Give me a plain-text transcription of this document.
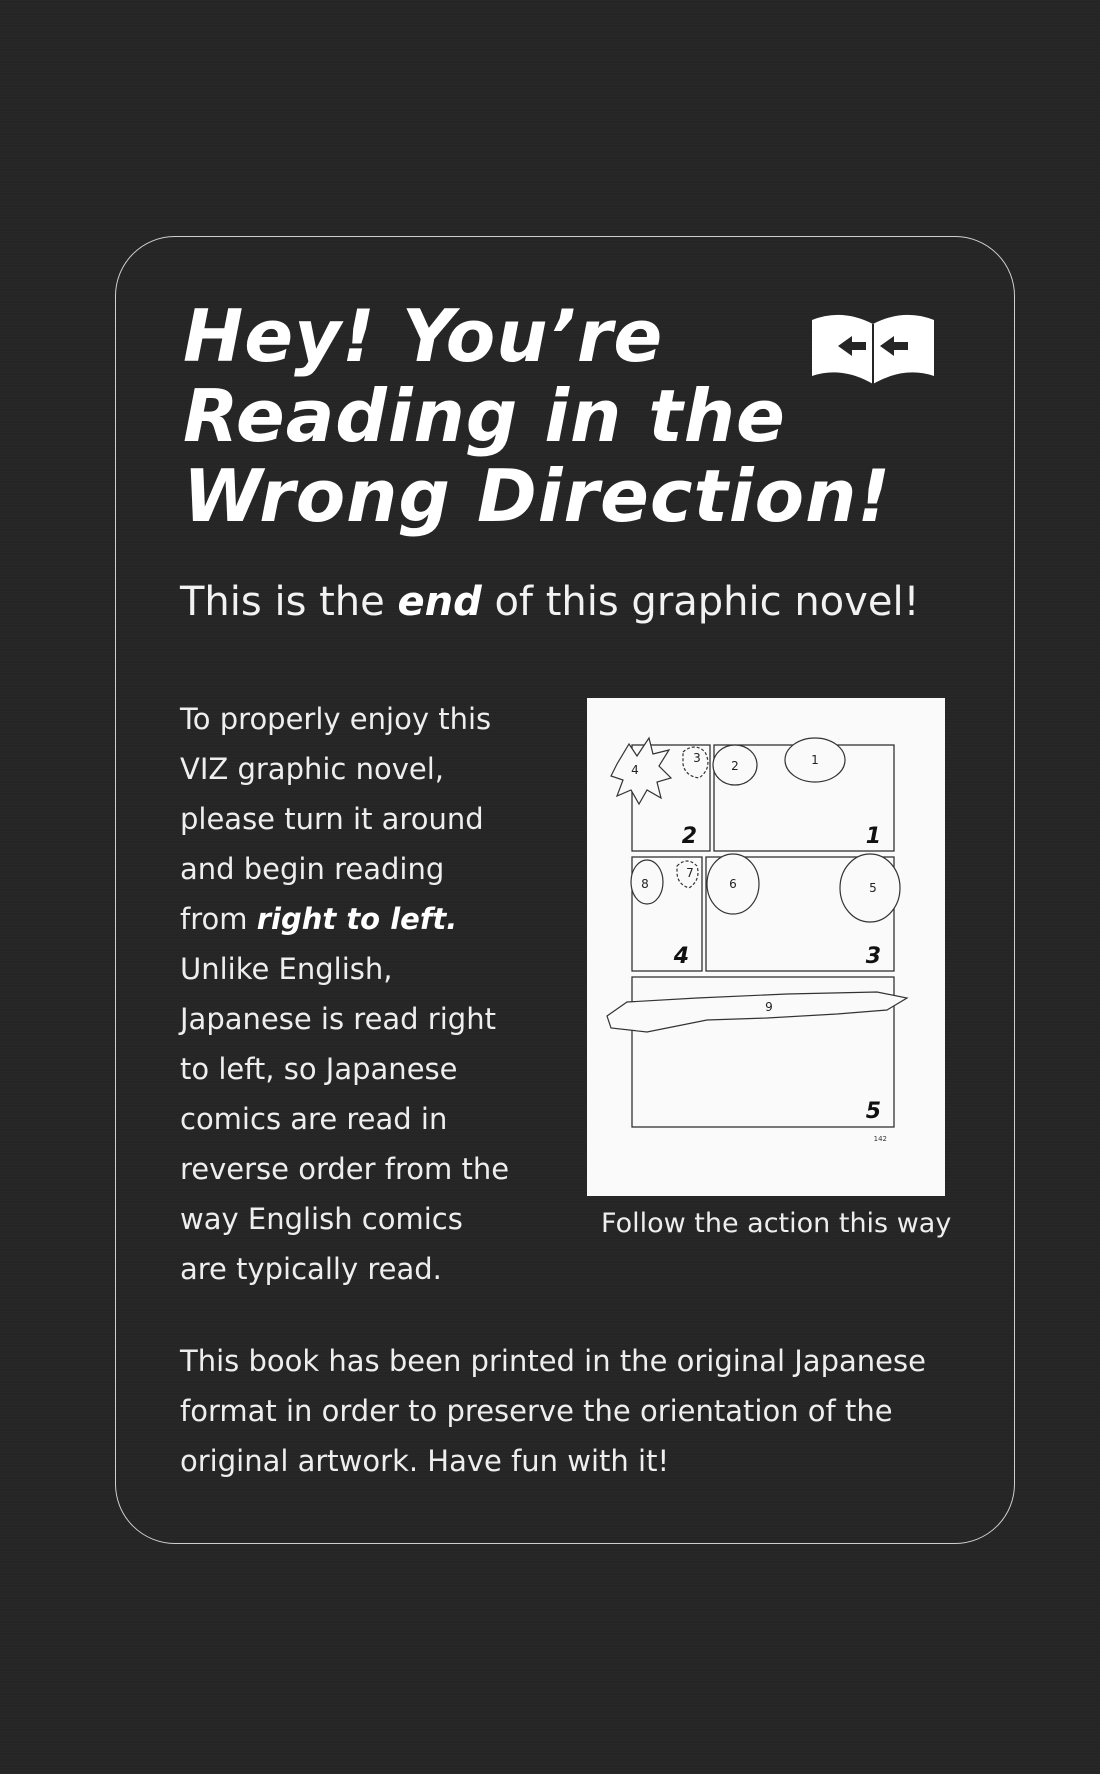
Hey! You’re
Reading in the
Wrong Direction!

This is the end of this graphic novel!

To properly enjoy this
VIZ graphic novel,
please turn it around
and begin reading
from right to left.
Unlike English,
Japanese is read right
to left, so Japanese
comics are read in
reverse order from the
way English comics
are typically read.

4
3
2	1
8
7
6	5
9
2	1
4	3
5
142

Follow the action this way

This book has been printed in the original Japanese
format in order to preserve the orientation of the
original artwork. Have fun with it!
